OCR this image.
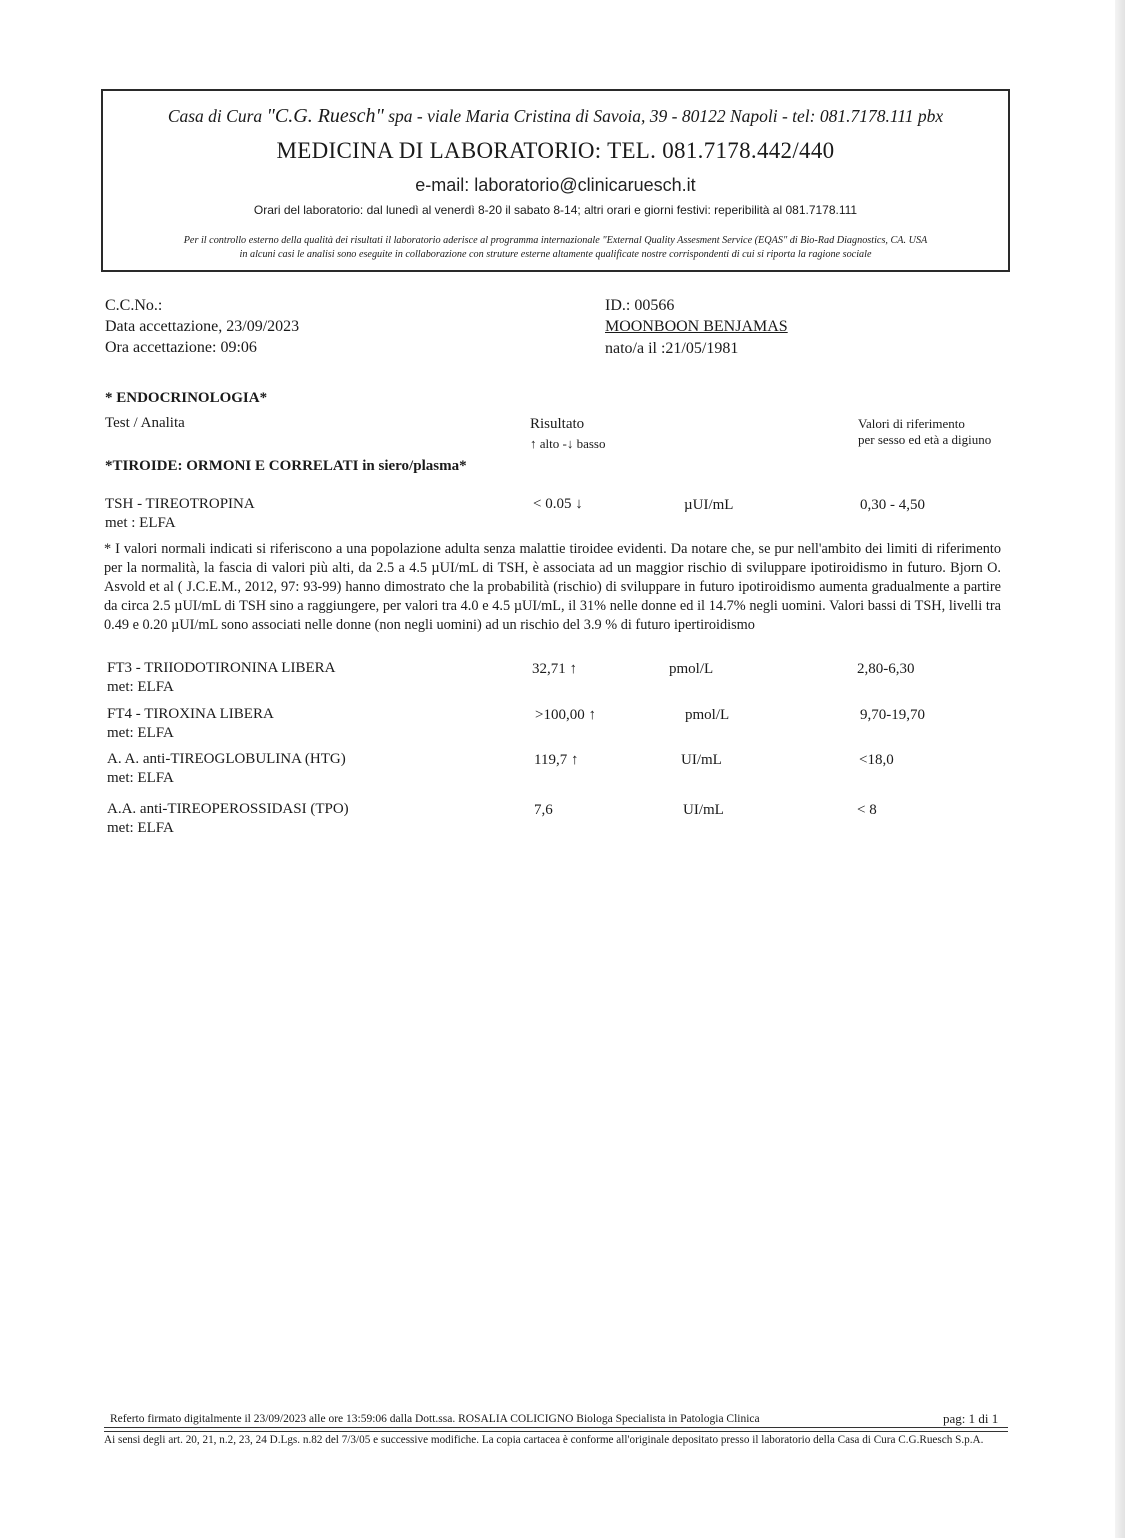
Casa di Cura "C.G. Ruesch" spa - viale Maria Cristina di Savoia, 39 - 80122 Napoli - tel: 081.7178.111 pbx
MEDICINA DI LABORATORIO: TEL. 081.7178.442/440
e-mail: laboratorio@clinicaruesch.it
Orari del laboratorio: dal lunedì al venerdì 8-20 il sabato 8-14; altri orari e giorni festivi: reperibilità al 081.7178.111
Per il controllo esterno della qualità dei risultati il laboratorio aderisce al programma internazionale "External Quality Assesment Service (EQAS" di Bio-Rad Diagnostics, CA. USA
in alcuni casi le analisi sono eseguite in collaborazione con struture esterne altamente qualificate nostre corrispondenti di cui si riporta la ragione sociale
C.C.No.:
Data accettazione, 23/09/2023
Ora accettazione: 09:06
ID.: 00566
MOONBOON BENJAMAS
nato/a il :21/05/1981
* ENDOCRINOLOGIA*
Test / Analita	Risultato
↑ alto -↓ basso
Valori di riferimento
per sesso ed età a digiuno
*TIROIDE: ORMONI E CORRELATI in siero/plasma*
TSH - TIREOTROPINA
met : ELFA
< 0.05 ↓	µUI/mL	0,30 - 4,50
* I valori normali indicati si riferiscono a una popolazione adulta senza malattie tiroidee evidenti. Da notare che, se pur nell'ambito dei limiti di riferimento per la normalità, la fascia di valori più alti, da 2.5 a 4.5 µUI/mL di TSH, è associata ad un maggior rischio di sviluppare ipotiroidismo in futuro. Bjorn O. Asvold et al ( J.C.E.M., 2012, 97: 93-99) hanno dimostrato che la probabilità (rischio) di sviluppare in futuro ipotiroidismo aumenta gradualmente a partire da circa 2.5 µUI/mL di TSH sino a raggiungere, per valori tra 4.0 e 4.5 µUI/mL, il 31% nelle donne ed il 14.7% negli uomini. Valori bassi di TSH, livelli tra 0.49 e 0.20 µUI/mL sono associati nelle donne (non negli uomini) ad un rischio del 3.9 % di futuro ipertiroidismo
FT3 - TRIIODOTIRONINA LIBERA
met: ELFA
32,71 ↑	pmol/L	2,80-6,30
FT4 - TIROXINA LIBERA
met: ELFA
>100,00 ↑	pmol/L	9,70-19,70
A. A. anti-TIREOGLOBULINA (HTG)
met: ELFA
119,7 ↑	UI/mL	<18,0
A.A. anti-TIREOPEROSSIDASI (TPO)
met: ELFA
7,6	UI/mL	< 8
Referto firmato digitalmente il 23/09/2023 alle ore 13:59:06 dalla Dott.ssa. ROSALIA COLICIGNO Biologa Specialista in Patologia Clinica	pag: 1 di 1
Ai sensi degli art. 20, 21, n.2, 23, 24 D.Lgs. n.82 del 7/3/05 e successive modifiche. La copia cartacea è conforme all'originale depositato presso il laboratorio della Casa di Cura C.G.Ruesch S.p.A.
